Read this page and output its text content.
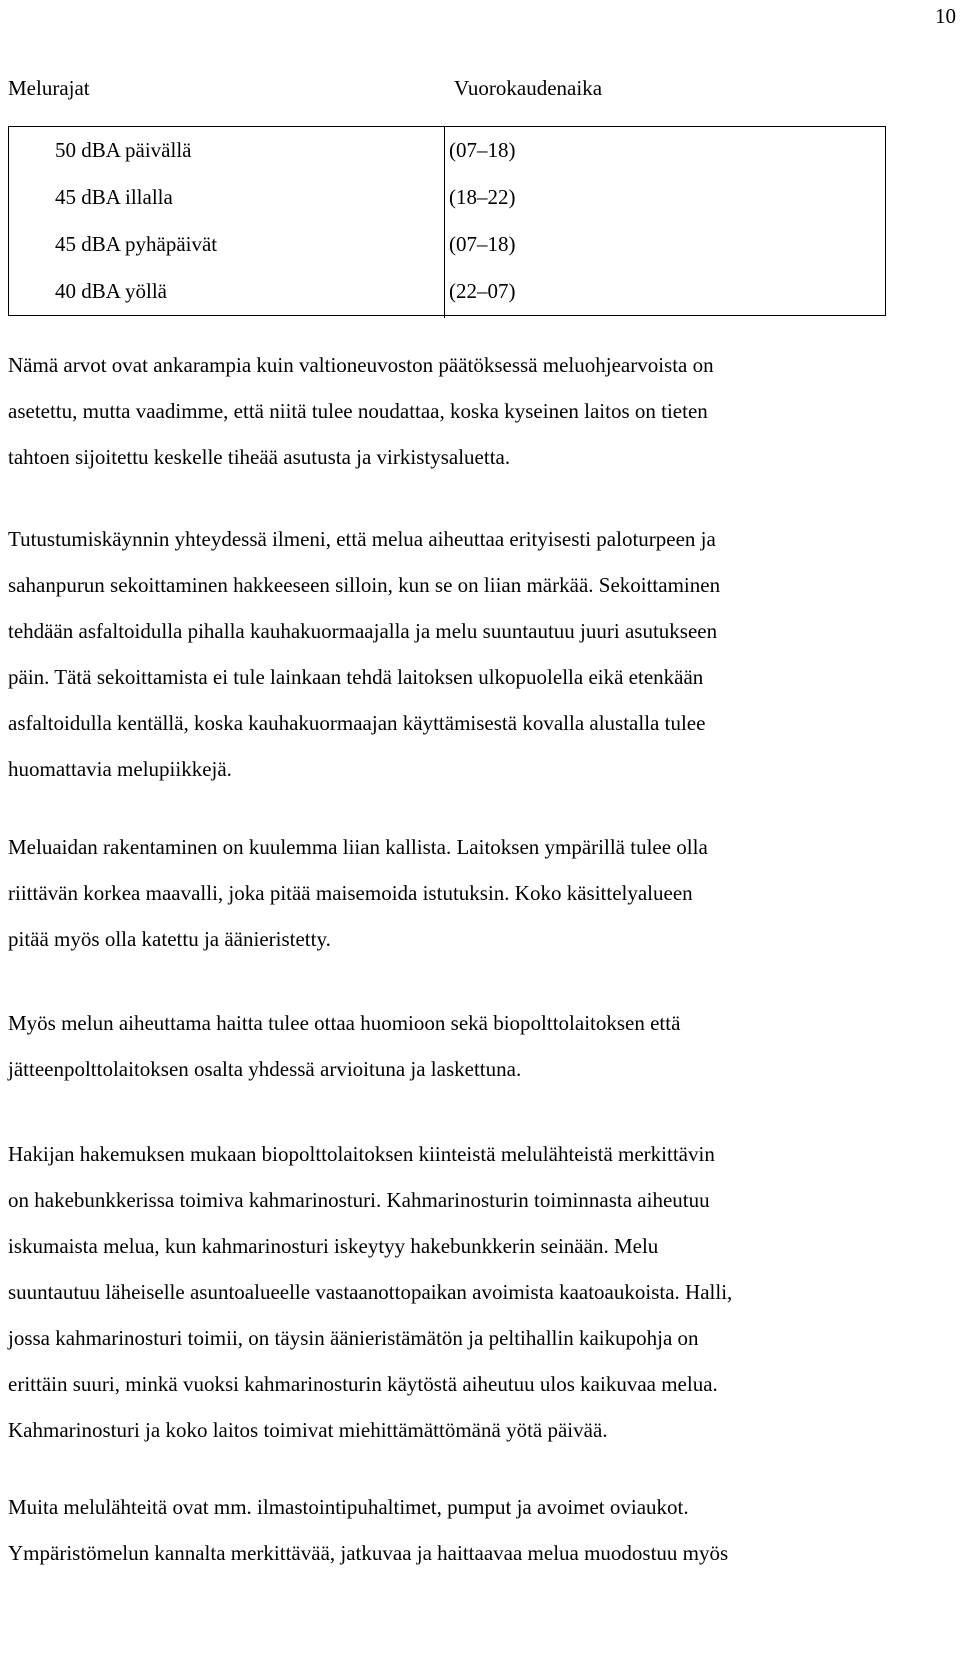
10
Melurajat	Vuorokaudenaika
50 dBA päivällä	(07–18)
45 dBA illalla	(18–22)
45 dBA pyhäpäivät	(07–18)
40 dBA yöllä	(22–07)

Nämä arvot ovat ankarampia kuin valtioneuvoston päätöksessä meluohjearvoista on
asetettu, mutta vaadimme, että niitä tulee noudattaa, koska kyseinen laitos on tieten
tahtoen sijoitettu keskelle tiheää asutusta ja virkistysaluetta.

Tutustumiskäynnin yhteydessä ilmeni, että melua aiheuttaa erityisesti paloturpeen ja
sahanpurun sekoittaminen hakkeeseen silloin, kun se on liian märkää. Sekoittaminen
tehdään asfaltoidulla pihalla kauhakuormaajalla ja melu suuntautuu juuri asutukseen
päin. Tätä sekoittamista ei tule lainkaan tehdä laitoksen ulkopuolella eikä etenkään
asfaltoidulla kentällä, koska kauhakuormaajan käyttämisestä kovalla alustalla tulee
huomattavia melupiikkejä.

Meluaidan rakentaminen on kuulemma liian kallista. Laitoksen ympärillä tulee olla
riittävän korkea maavalli, joka pitää maisemoida istutuksin. Koko käsittelyalueen
pitää myös olla katettu ja äänieristetty.

Myös melun aiheuttama haitta tulee ottaa huomioon sekä biopolttolaitoksen että
jätteenpolttolaitoksen osalta yhdessä arvioituna ja laskettuna.

Hakijan hakemuksen mukaan biopolttolaitoksen kiinteistä melulähteistä merkittävin
on hakebunkkerissa toimiva kahmarinosturi. Kahmarinosturin toiminnasta aiheutuu
iskumaista melua, kun kahmarinosturi iskeytyy hakebunkkerin seinään. Melu
suuntautuu läheiselle asuntoalueelle vastaanottopaikan avoimista kaatoaukoista. Halli,
jossa kahmarinosturi toimii, on täysin äänieristämätön ja peltihallin kaikupohja on
erittäin suuri, minkä vuoksi kahmarinosturin käytöstä aiheutuu ulos kaikuvaa melua.
Kahmarinosturi ja koko laitos toimivat miehittämättömänä yötä päivää.

Muita melulähteitä ovat mm. ilmastointipuhaltimet, pumput ja avoimet oviaukot.
Ympäristömelun kannalta merkittävää, jatkuvaa ja haittaavaa melua muodostuu myös
